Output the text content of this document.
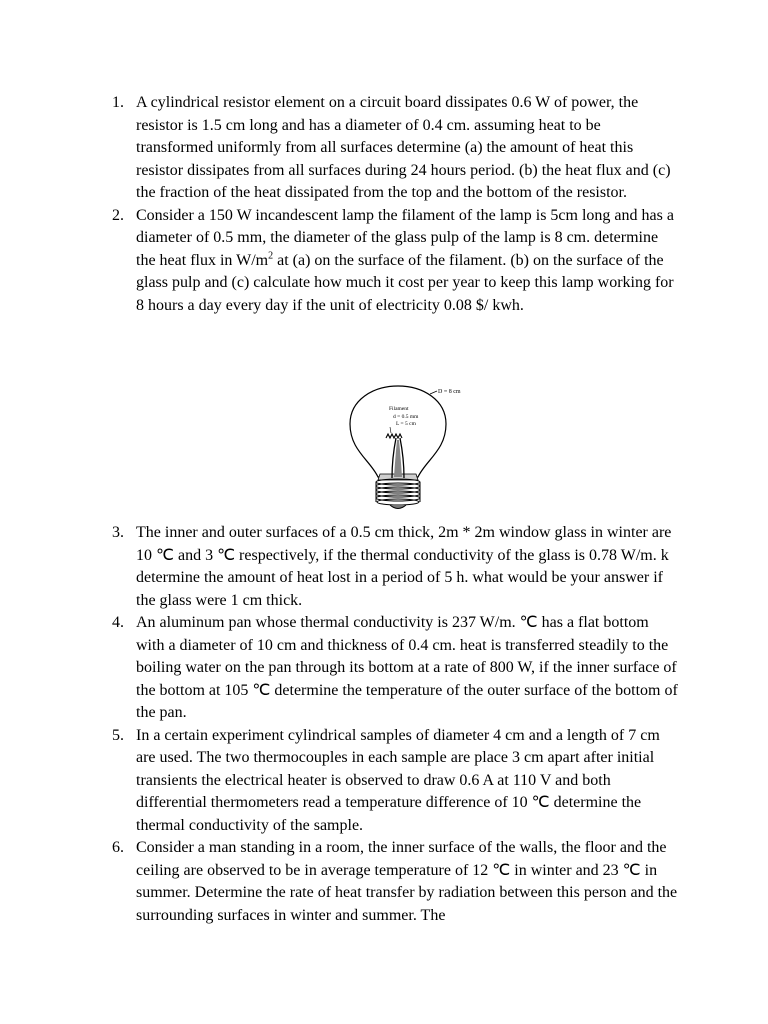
1. A cylindrical resistor element on a circuit board dissipates 0.6 W of power, the resistor is 1.5 cm long and has a diameter of 0.4 cm. assuming heat to be transformed uniformly from all surfaces determine (a) the amount of heat this resistor dissipates from all surfaces during 24 hours period. (b) the heat flux and (c) the fraction of the heat dissipated from the top and the bottom of the resistor.
2. Consider a 150 W incandescent lamp the filament of the lamp is 5cm long and has a diameter of 0.5 mm, the diameter of the glass pulp of the lamp is 8 cm. determine the heat flux in $W/m^2$ at (a) on the surface of the filament. (b) on the surface of the glass pulp and (c) calculate how much it cost per year to keep this lamp working for 8 hours a day every day if the unit of electricity 0.08 $/ kwh.
D = 8 cm
Filament
d = 0.5 mm
L = 5 cm
3. The inner and outer surfaces of a 0.5 cm thick, 2m * 2m window glass in winter are 10 ℃ and 3 ℃ respectively, if the thermal conductivity of the glass is 0.78 W/m. k determine the amount of heat lost in a period of 5 h. what would be your answer if the glass were 1 cm thick.
4. An aluminum pan whose thermal conductivity is 237 W/m. ℃ has a flat bottom with a diameter of 10 cm and thickness of 0.4 cm. heat is transferred steadily to the boiling water on the pan through its bottom at a rate of 800 W, if the inner surface of the bottom at 105 ℃ determine the temperature of the outer surface of the bottom of the pan.
5. In a certain experiment cylindrical samples of diameter 4 cm and a length of 7 cm are used. The two thermocouples in each sample are place 3 cm apart after initial transients the electrical heater is observed to draw 0.6 A at 110 V and both differential thermometers read a temperature difference of 10 ℃ determine the thermal conductivity of the sample.
6. Consider a man standing in a room, the inner surface of the walls, the floor and the ceiling are observed to be in average temperature of 12 ℃ in winter and 23 ℃ in summer. Determine the rate of heat transfer by radiation between this person and the surrounding surfaces in winter and summer. The
